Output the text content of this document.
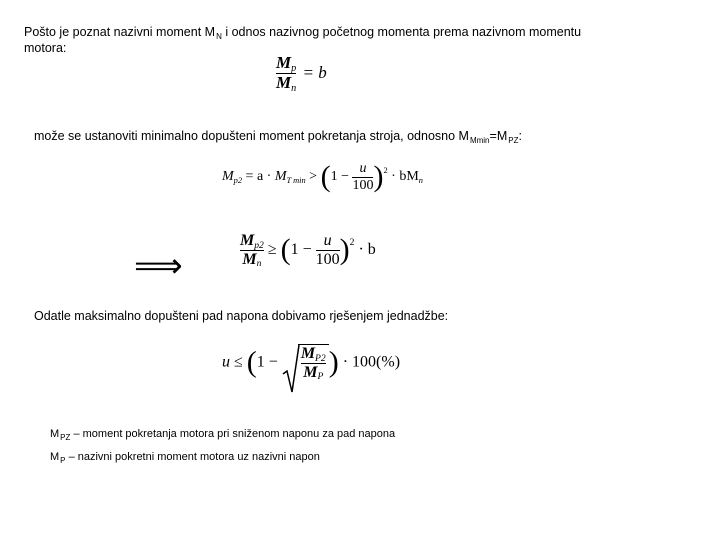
Pošto je poznat nazivni moment $M_N$ i odnos nazivnog početnog momenta prema nazivnom momentu
motora:
$\frac{Mp}{Mn} = b$
može se ustanoviti minimalno dopušteni moment pokretanja stroja, odnosno $M_{Mmin}=M_{PZ}$:
Mp2 = a · MT $\min > (1 - \frac{u}{100} )^2$ · bMn
⟹	$\frac{Mp2}{Mn} \ge (1 - \frac{u}{100} )^2 \cdot b$
Odatle maksimalno dopušteni pad napona dobivamo rješenjem jednadžbe:
$u \le (1 - \frac{MP2}{MP}$ ) · 100(%)
$M_{PZ}$ – moment pokretanja motora pri sniženom naponu za pad napona
$M_P$ – nazivni pokretni moment motora uz nazivni napon
